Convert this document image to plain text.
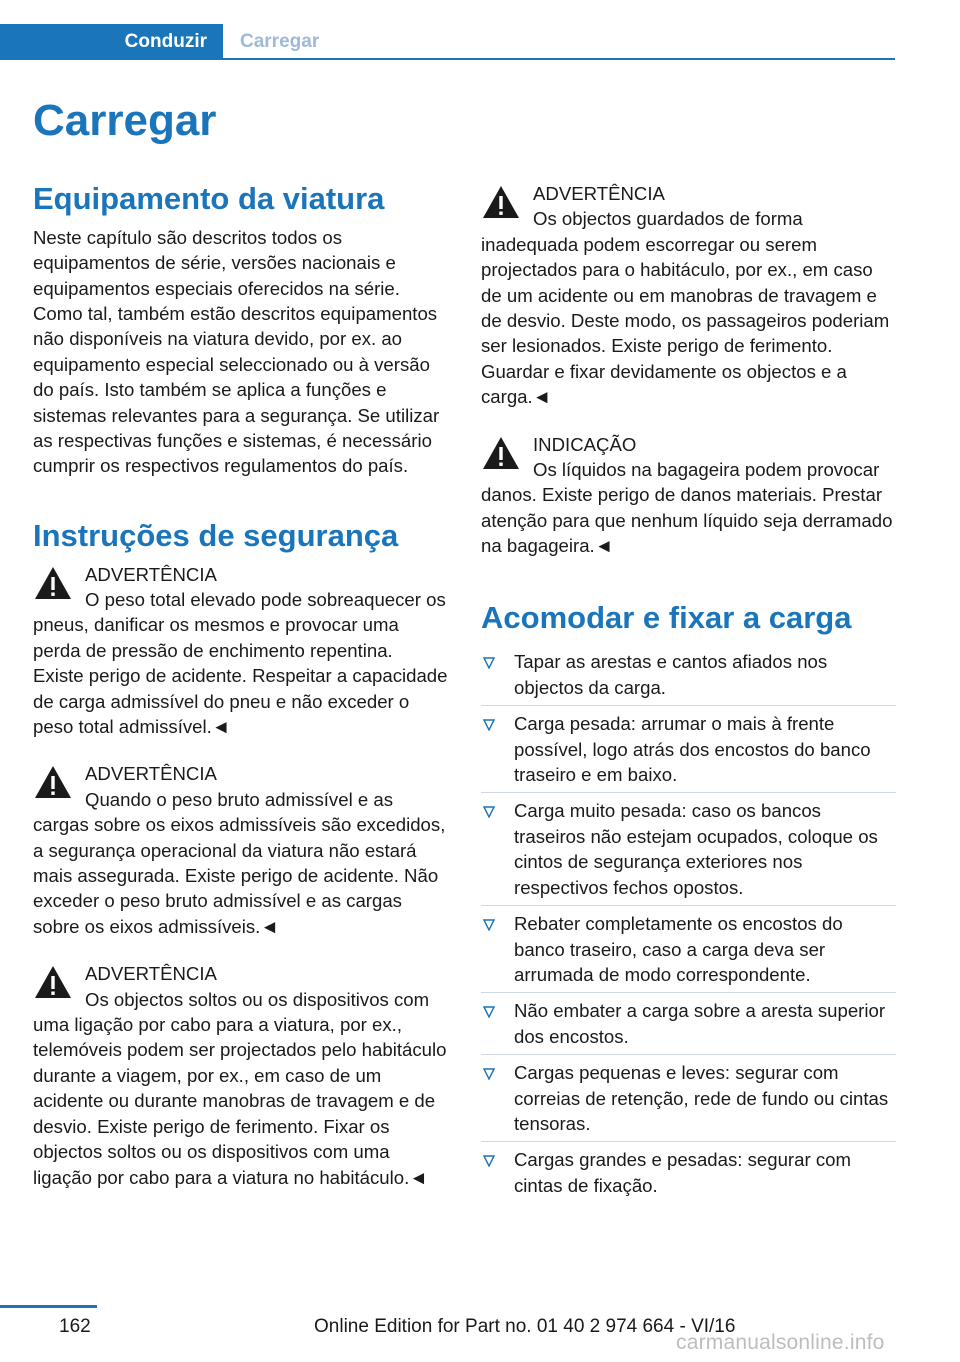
Conduzir	Carregar
Carregar
Equipamento da viatura

Neste capítulo são descritos todos os equipamentos de série, versões nacionais e equipamentos especiais oferecidos na série. Como tal, também estão descritos equipamentos não disponíveis na viatura devido, por ex. ao equipamento especial seleccionado ou à versão do país. Isto também se aplica a funções e sistemas relevantes para a segurança. Se utilizar as respectivas funções e sistemas, é necessário cumprir os respectivos regulamentos do país.

Instruções de segurança
ADVERTÊNCIA
O peso total elevado pode sobreaquecer os pneus, danificar os mesmos e provocar uma perda de pressão de enchimento repentina. Existe perigo de acidente. Respeitar a capacidade de carga admissível do pneu e não exceder o peso total admissível.◄
ADVERTÊNCIA
Quando o peso bruto admissível e as cargas sobre os eixos admissíveis são excedidos, a segurança operacional da viatura não estará mais assegurada. Existe perigo de acidente. Não exceder o peso bruto admissível e as cargas sobre os eixos admissíveis.◄
ADVERTÊNCIA
Os objectos soltos ou os dispositivos com uma ligação por cabo para a viatura, por ex., telemóveis podem ser projectados pelo habitáculo durante a viagem, por ex., em caso de um acidente ou durante manobras de travagem e de desvio. Existe perigo de ferimento. Fixar os objectos soltos ou os dispositivos com uma ligação por cabo para a viatura no habitáculo.◄
ADVERTÊNCIA
Os objectos guardados de forma inadequada podem escorregar ou serem projectados para o habitáculo, por ex., em caso de um acidente ou em manobras de travagem e de desvio. Deste modo, os passageiros poderiam ser lesionados. Existe perigo de ferimento. Guardar e fixar devidamente os objectos e a carga.◄
INDICAÇÃO
Os líquidos na bagageira podem provocar danos. Existe perigo de danos materiais. Prestar atenção para que nenhum líquido seja derramado na bagageira.◄
Acomodar e fixar a carga
Tapar as arestas e cantos afiados nos objectos da carga.
Carga pesada: arrumar o mais à frente possível, logo atrás dos encostos do banco traseiro e em baixo.
Carga muito pesada: caso os bancos traseiros não estejam ocupados, coloque os cintos de segurança exteriores nos respectivos fechos opostos.
Rebater completamente os encostos do banco traseiro, caso a carga deva ser arrumada de modo correspondente.
Não embater a carga sobre a aresta superior dos encostos.
Cargas pequenas e leves: segurar com correias de retenção, rede de fundo ou cintas tensoras.
Cargas grandes e pesadas: segurar com cintas de fixação.
162	Online Edition for Part no. 01 40 2 974 664 - VI/16
carmanualsonline.info
